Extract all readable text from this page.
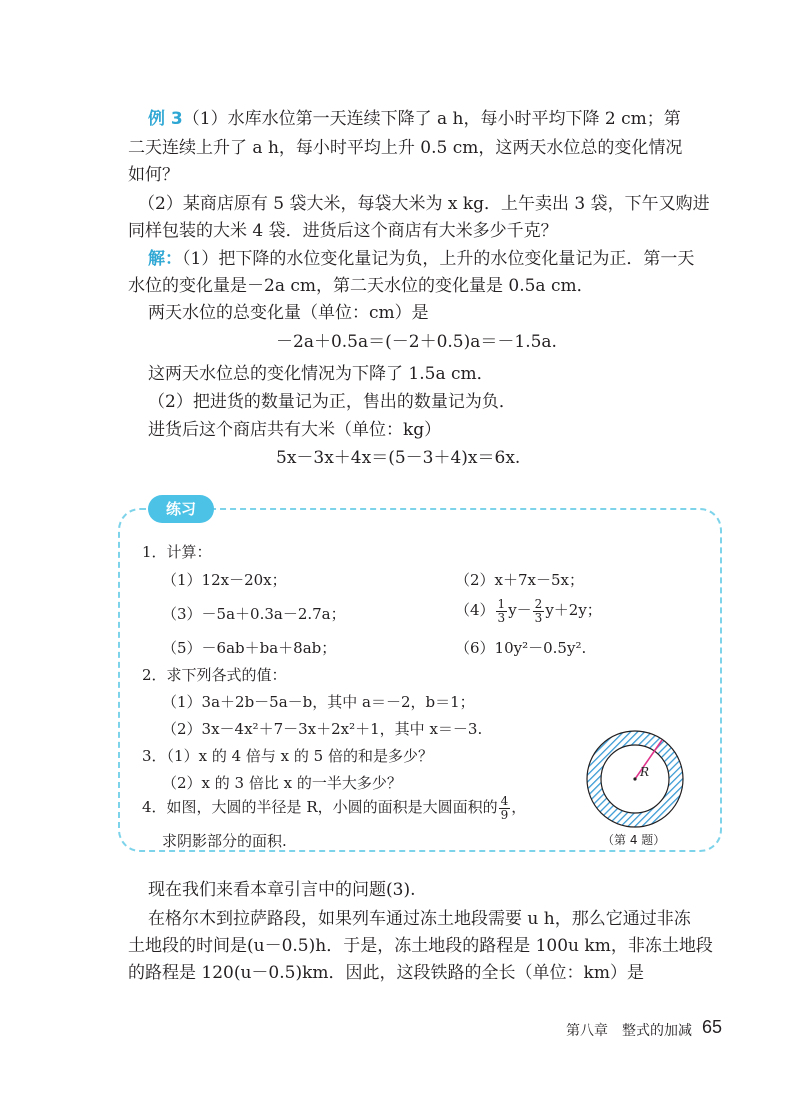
例 3（1）水库水位第一天连续下降了 a h，每小时平均下降 2 cm；第
二天连续上升了 a h，每小时平均上升 0.5 cm，这两天水位总的变化情况
如何？
（2）某商店原有 5 袋大米，每袋大米为 x kg．上午卖出 3 袋，下午又购进
同样包装的大米 4 袋．进货后这个商店有大米多少千克？
解：（1）把下降的水位变化量记为负，上升的水位变化量记为正．第一天
水位的变化量是－2a cm，第二天水位的变化量是 0.5a cm．
两天水位的总变化量（单位：cm）是
－2a＋0.5a＝(－2＋0.5)a＝－1.5a.
这两天水位总的变化情况为下降了 1.5a cm．
（2）把进货的数量记为正，售出的数量记为负．
进货后这个商店共有大米（单位：kg）
5x－3x＋4x＝(5－3＋4)x＝6x.
练习
1．计算：
（1）12x－20x；	（2）x＋7x－5x；
（3）－5a＋0.3a－2.7a；	$(4) \frac{1}{3} y- \frac{2}{3} y+2y$；
（5）－6ab＋ba＋8ab；	（6）10y²－0.5y².
2．求下列各式的值：
（1）3a＋2b－5a－b，其中 a＝－2，b＝1；
（2）3x－4x²＋7－3x＋2x²＋1，其中 x＝－3.
3．（1）x 的 4 倍与 x 的 5 倍的和是多少？
（2）x 的 3 倍比 x 的一半大多少？
4．如图，大圆的半径是 R，小圆的面积是大圆面积的 $\frac{4}{9}$ ，
求阴影部分的面积.
R
（第 4 题）
现在我们来看本章引言中的问题(3).
在格尔木到拉萨路段，如果列车通过冻土地段需要 u h，那么它通过非冻
土地段的时间是(u－0.5)h．于是，冻土地段的路程是 100u km，非冻土地段
的路程是 120(u－0.5)km．因此，这段铁路的全长（单位：km）是
第八章　整式的加减 65
